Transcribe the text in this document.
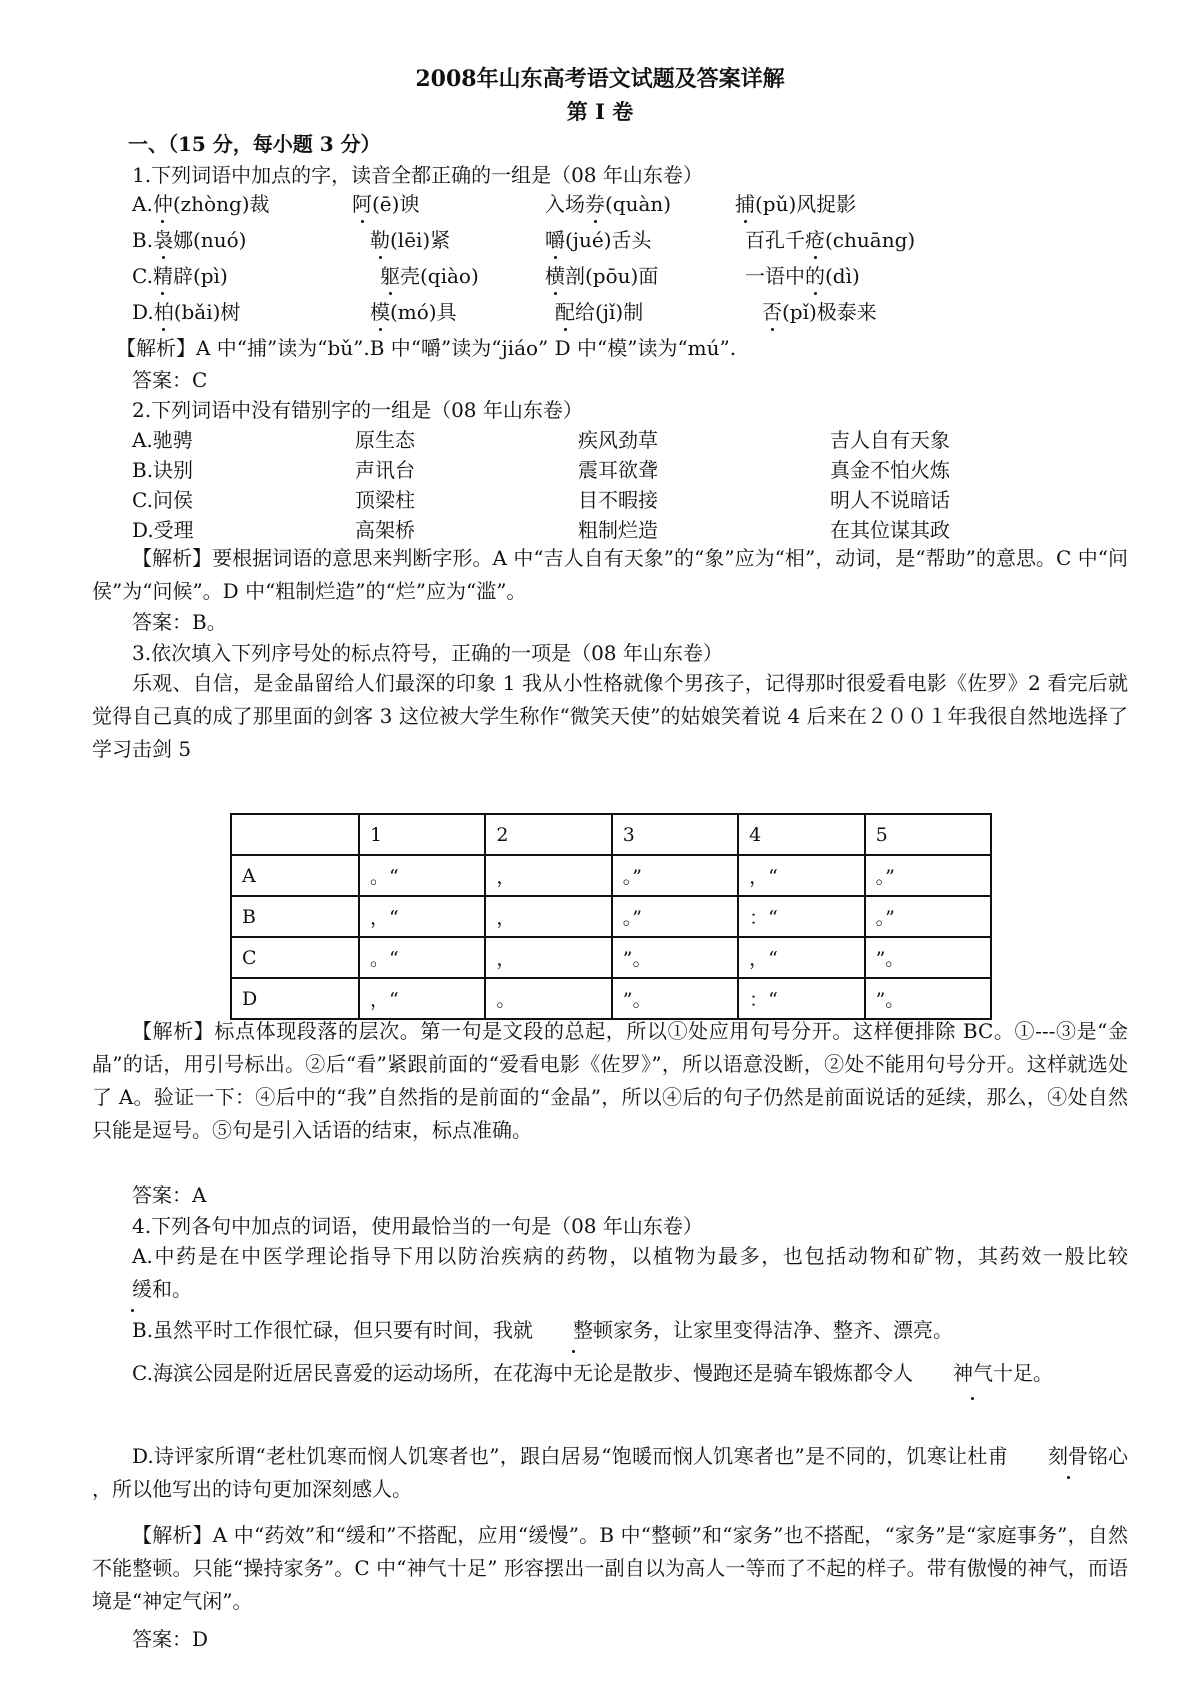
2008年山东高考语文试题及答案详解
第 I 卷
一、（15 分，每小题 3 分）
1.下列词语中加点的字，读音全都正确的一组是（08 年山东卷）
A.仲(zhòng)裁	阿(ē)谀	入场券(quàn)	捕(pǔ)风捉影
B.袅娜(nuó)	勒(lēi)紧	嚼(jué)舌头	百孔千疮(chuāng)
C.精辟(pì)	躯壳(qiào)	横剖(pōu)面	一语中的(dì)
D.柏(bǎi)树	模(mó)具	配给(jǐ)制	否(pǐ)极泰来
【解析】A 中“捕”读为“bǔ”.B 中“嚼”读为“jiáo” D 中“模”读为“mú”.
答案：C
2.下列词语中没有错别字的一组是（08 年山东卷）
A.驰骋	原生态	疾风劲草	吉人自有天象
B.诀别	声讯台	震耳欲聋	真金不怕火炼
C.问侯	顶梁柱	目不暇接	明人不说暗话
D.受理	高架桥	粗制烂造	在其位谋其政
【解析】要根据词语的意思来判断字形。A 中“吉人自有天象”的“象”应为“相”，动词，是“帮助”的意思。C 中“问侯”为“问候”。D 中“粗制烂造”的“烂”应为“滥”。
答案：B。
3.依次填入下列序号处的标点符号，正确的一项是（08 年山东卷）
乐观、自信，是金晶留给人们最深的印象 1 我从小性格就像个男孩子，记得那时很爱看电影《佐罗》2 看完后就觉得自己真的成了那里面的剑客 3 这位被大学生称作“微笑天使”的姑娘笑着说 4 后来在２００１年我很自然地选择了学习击剑 5
	1	2	3	4	5
A	。“	，	。”	，“	。”
B	，“	，	。”	：“	。”
C	。“	，	”。	，“	”。
D	，“	。	”。	：“	”。
【解析】标点体现段落的层次。第一句是文段的总起，所以①处应用句号分开。这样便排除 BC。①---③是“金晶”的话，用引号标出。②后“看”紧跟前面的“爱看电影《佐罗》”，所以语意没断，②处不能用句号分开。这样就选处了 A。验证一下：④后中的“我”自然指的是前面的“金晶”，所以④后的句子仍然是前面说话的延续，那么，④处自然只能是逗号。⑤句是引入话语的结束，标点准确。
答案：A
4.下列各句中加点的词语，使用最恰当的一句是（08 年山东卷）
A.中药是在中医学理论指导下用以防治疾病的药物，以植物为最多，也包括动物和矿物，其药效一般比较缓和。
B.虽然平时工作很忙碌，但只要有时间，我就 整顿家务，让家里变得洁净、整齐、漂亮。
C.海滨公园是附近居民喜爱的运动场所，在花海中无论是散步、慢跑还是骑车锻炼都令人 神气十足。
D.诗评家所谓“老杜饥寒而悯人饥寒者也”，跟白居易“饱暖而悯人饥寒者也”是不同的，饥寒让杜甫 刻骨铭心，所以他写出的诗句更加深刻感人。
【解析】A 中“药效”和“缓和”不搭配，应用“缓慢”。B 中“整顿”和“家务”也不搭配，“家务”是“家庭事务”，自然不能整顿。只能“操持家务”。C 中“神气十足” 形容摆出一副自以为高人一等而了不起的样子。带有傲慢的神气，而语境是“神定气闲”。
答案：D
